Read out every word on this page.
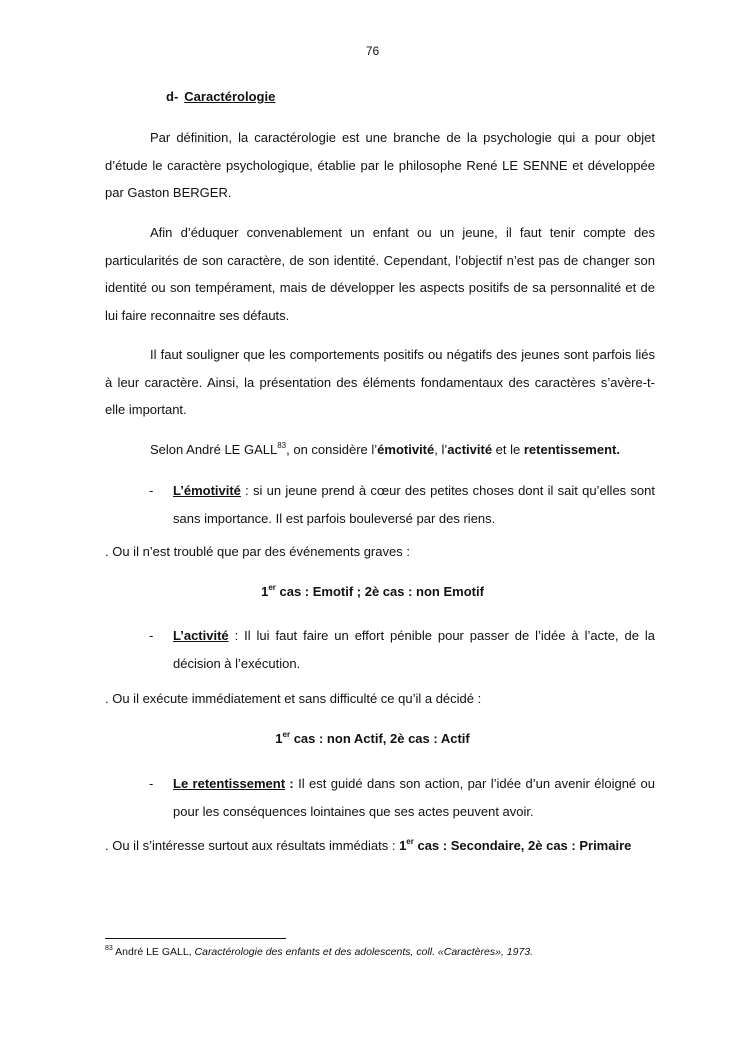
76
d- Caractérologie
Par définition, la caractérologie est une branche de la psychologie qui a pour objet d’étude le caractère psychologique, établie par le philosophe René LE SENNE et développée par Gaston BERGER.
Afin d’éduquer convenablement un enfant ou un jeune, il faut tenir compte des particularités de son caractère, de son identité. Cependant, l’objectif n’est pas de changer son identité ou son tempérament, mais de développer les aspects positifs de sa personnalité et de lui faire reconnaitre ses défauts.
Il faut souligner que les comportements positifs ou négatifs des jeunes sont parfois liés à leur caractère. Ainsi, la présentation des éléments fondamentaux des caractères s’avère-t-elle important.
Selon André LE GALL$^{83}$, on considère l’émotivité, l’activité et le retentissement.
- L’émotivité : si un jeune prend à cœur des petites choses dont il sait qu’elles sont sans importance. Il est parfois bouleversé par des riens.
. Ou il n’est troublé que par des événements graves :
1er cas : Emotif ; 2è cas : non Emotif
- L’activité : Il lui faut faire un effort pénible pour passer de l’idée à l’acte, de la décision à l’exécution.
. Ou il exécute immédiatement et sans difficulté ce qu’il a décidé :
1er cas : non Actif, 2è cas : Actif
- Le retentissement : Il est guidé dans son action, par l’idée d’un avenir éloigné ou pour les conséquences lointaines que ses actes peuvent avoir.
. Ou il s’intéresse surtout aux résultats immédiats : 1er cas : Secondaire, 2è cas : Primaire
$^{83}$ André LE GALL, Caractérologie des enfants et des adolescents, coll. «Caractères», 1973.
